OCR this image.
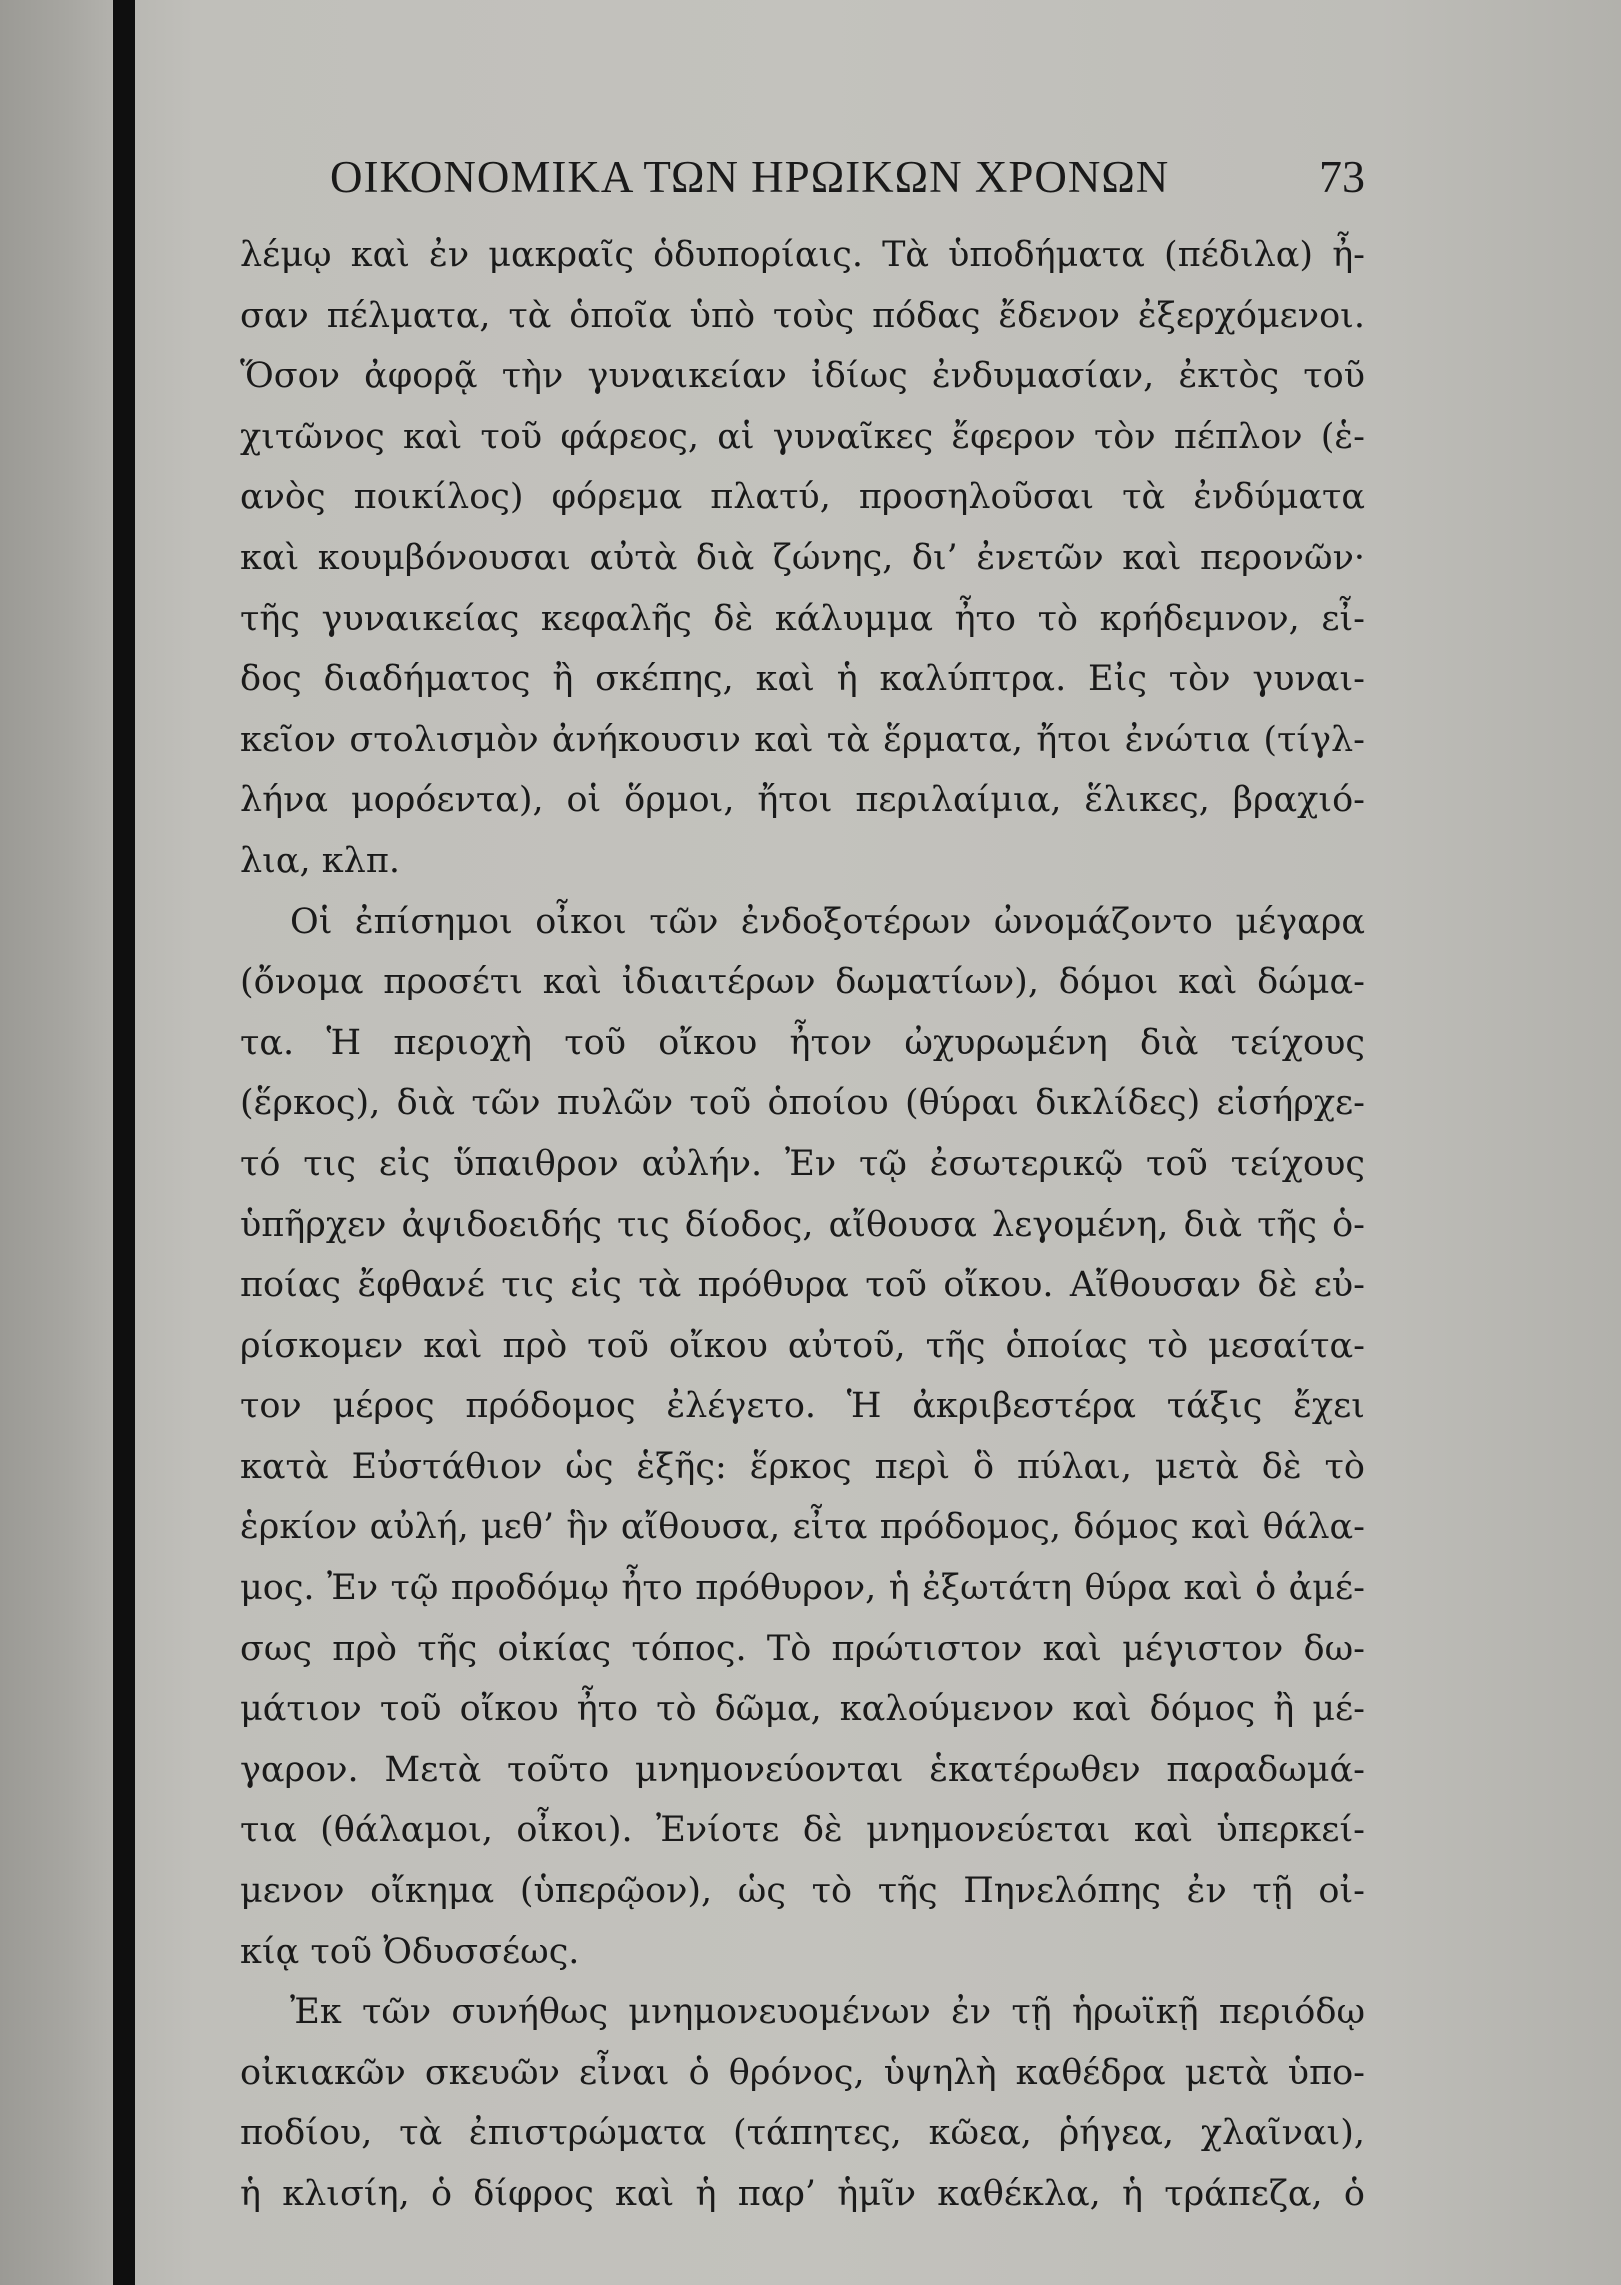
ΟΙΚΟΝΟΜΙΚΑ ΤΩΝ ΗΡΩΙΚΩΝ ΧΡΟΝΩΝ	73
λέμῳ καὶ ἐν μακραῖς ὁδυπορίαις. Τὰ ὑποδήματα (πέδιλα) ἦ-
σαν πέλματα, τὰ ὁποῖα ὑπὸ τοὺς πόδας ἔδενον ἐξερχόμενοι.
Ὅσον ἀφορᾷ τὴν γυναικείαν ἰδίως ἐνδυμασίαν, ἐκτὸς τοῦ
χιτῶνος καὶ τοῦ φάρεος, αἱ γυναῖκες ἔφερον τὸν πέπλον (ἑ-
ανὸς ποικίλος) φόρεμα πλατύ, προσηλοῦσαι τὰ ἐνδύματα
καὶ κουμβόνουσαι αὐτὰ διὰ ζώνης, δι’ ἐνετῶν καὶ περονῶν·
τῆς γυναικείας κεφαλῆς δὲ κάλυμμα ἦτο τὸ κρήδεμνον, εἶ-
δος διαδήματος ἢ σκέπης, καὶ ἡ καλύπτρα. Εἰς τὸν γυναι-
κεῖον στολισμὸν ἀνήκουσιν καὶ τὰ ἕρματα, ἤτοι ἐνώτια (τίγλ-
λήνα μορόεντα), οἱ ὅρμοι, ἤτοι περιλαίμια, ἕλικες, βραχιό-
λια, κλπ.
Οἱ ἐπίσημοι οἶκοι τῶν ἐνδοξοτέρων ὠνομάζοντο μέγαρα
(ὄνομα προσέτι καὶ ἰδιαιτέρων δωματίων), δόμοι καὶ δώμα-
τα. Ἡ περιοχὴ τοῦ οἴκου ἦτον ὠχυρωμένη διὰ τείχους
(ἕρκος), διὰ τῶν πυλῶν τοῦ ὁποίου (θύραι δικλίδες) εἰσήρχε-
τό τις εἰς ὕπαιθρον αὐλήν. Ἐν τῷ ἐσωτερικῷ τοῦ τείχους
ὑπῆρχεν ἀψιδοειδής τις δίοδος, αἴθουσα λεγομένη, διὰ τῆς ὁ-
ποίας ἔφθανέ τις εἰς τὰ πρόθυρα τοῦ οἴκου. Αἴθουσαν δὲ εὐ-
ρίσκομεν καὶ πρὸ τοῦ οἴκου αὐτοῦ, τῆς ὁποίας τὸ μεσαίτα-
τον μέρος πρόδομος ἐλέγετο. Ἡ ἀκριβεστέρα τάξις ἔχει
κατὰ Εὐστάθιον ὡς ἑξῆς: ἕρκος περὶ ὃ πύλαι, μετὰ δὲ τὸ
ἑρκίον αὐλή, μεθ’ ἣν αἴθουσα, εἶτα πρόδομος, δόμος καὶ θάλα-
μος. Ἐν τῷ προδόμῳ ἦτο πρόθυρον, ἡ ἐξωτάτη θύρα καὶ ὁ ἀμέ-
σως πρὸ τῆς οἰκίας τόπος. Τὸ πρώτιστον καὶ μέγιστον δω-
μάτιον τοῦ οἴκου ἦτο τὸ δῶμα, καλούμενον καὶ δόμος ἢ μέ-
γαρον. Μετὰ τοῦτο μνημονεύονται ἑκατέρωθεν παραδωμά-
τια (θάλαμοι, οἶκοι). Ἐνίοτε δὲ μνημονεύεται καὶ ὑπερκεί-
μενον οἴκημα (ὑπερῷον), ὡς τὸ τῆς Πηνελόπης ἐν τῇ οἰ-
κίᾳ τοῦ Ὀδυσσέως.
Ἐκ τῶν συνήθως μνημονευομένων ἐν τῇ ἡρωϊκῇ περιόδῳ
οἰκιακῶν σκευῶν εἶναι ὁ θρόνος, ὑψηλὴ καθέδρα μετὰ ὑπο-
ποδίου, τὰ ἐπιστρώματα (τάπητες, κῶεα, ῥήγεα, χλαῖναι),
ἡ κλισίη, ὁ δίφρος καὶ ἡ παρ’ ἡμῖν καθέκλα, ἡ τράπεζα, ὁ
